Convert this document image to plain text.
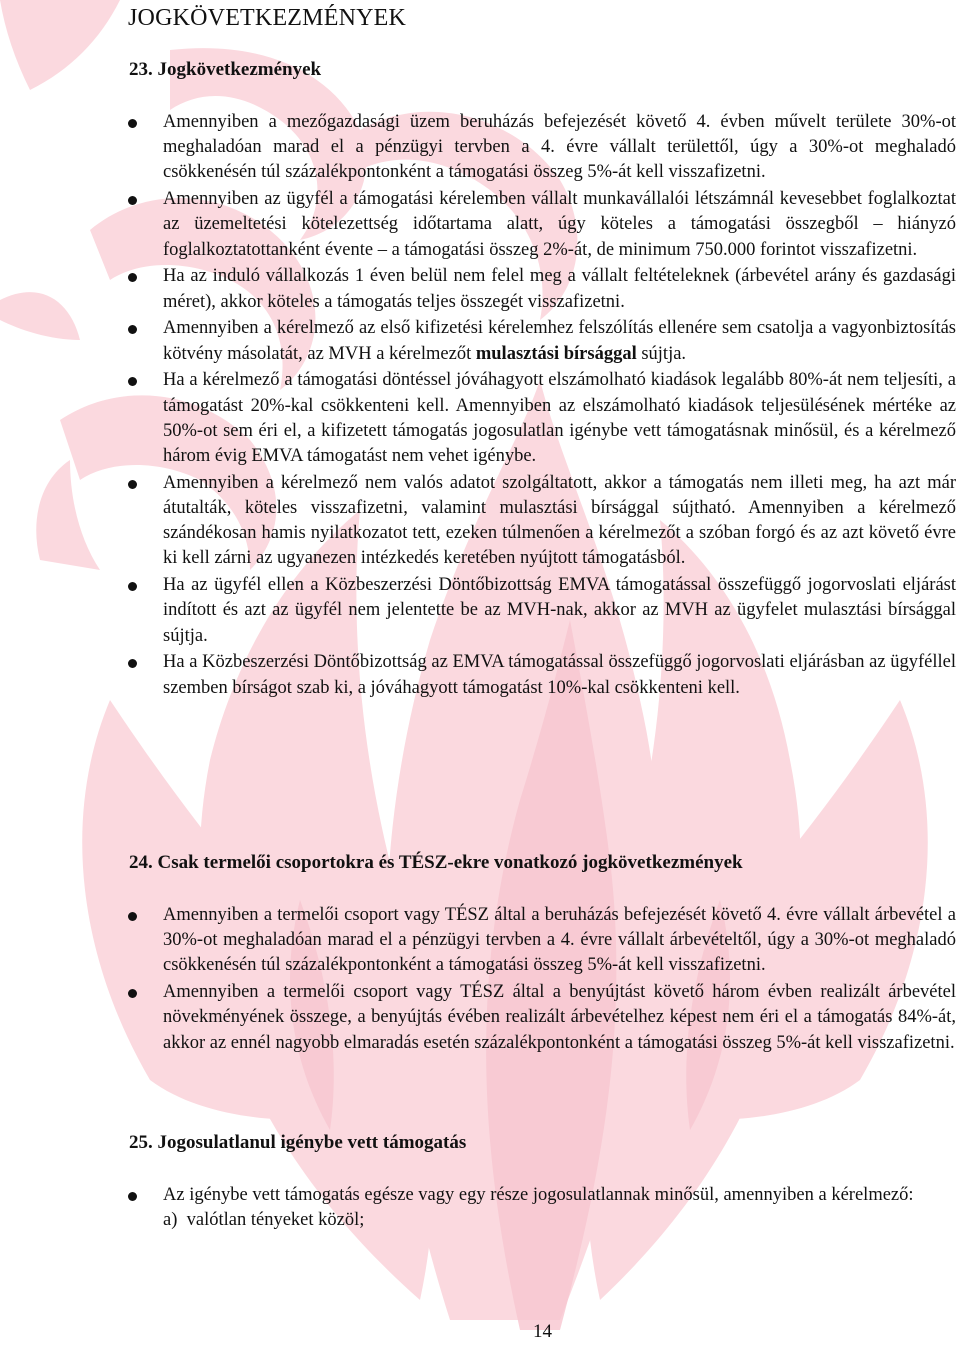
JOGKÖVETKEZMÉNYEK
23. Jogkövetkezmények
Amennyiben a mezőgazdasági üzem beruházás befejezését követő 4. évben művelt területe 30%-ot meghaladóan marad el a pénzügyi tervben a 4. évre vállalt területtől, úgy a 30%-ot meghaladó csökkenésén túl százalékpontonként a támogatási összeg 5%-át kell visszafizetni.
Amennyiben az ügyfél a támogatási kérelemben vállalt munkavállalói létszámnál kevesebbet foglalkoztat az üzemeltetési kötelezettség időtartama alatt, úgy köteles a támogatási összegből – hiányzó foglalkoztatottanként évente – a támogatási összeg 2%-át, de minimum 750.000 forintot visszafizetni.
Ha az induló vállalkozás 1 éven belül nem felel meg a vállalt feltételeknek (árbevétel arány és gazdasági méret), akkor köteles a támogatás teljes összegét visszafizetni.
Amennyiben a kérelmező az első kifizetési kérelemhez felszólítás ellenére sem csatolja a vagyonbiztosítás kötvény másolatát, az MVH a kérelmezőt mulasztási bírsággal sújtja.
Ha a kérelmező a támogatási döntéssel jóváhagyott elszámolható kiadások legalább 80%-át nem teljesíti, a támogatást 20%-kal csökkenteni kell. Amennyiben az elszámolható kiadások teljesülésének mértéke az 50%-ot sem éri el, a kifizetett támogatás jogosulatlan igénybe vett támogatásnak minősül, és a kérelmező három évig EMVA támogatást nem vehet igénybe.
Amennyiben a kérelmező nem valós adatot szolgáltatott, akkor a támogatás nem illeti meg, ha azt már átutalták, köteles visszafizetni, valamint mulasztási bírsággal sújtható. Amennyiben a kérelmező szándékosan hamis nyilatkozatot tett, ezeken túlmenően a kérelmezőt a szóban forgó és az azt követő évre ki kell zárni az ugyanezen intézkedés keretében nyújtott támogatásból.
Ha az ügyfél ellen a Közbeszerzési Döntőbizottság EMVA támogatással összefüggő jogorvoslati eljárást indított és azt az ügyfél nem jelentette be az MVH-nak, akkor az MVH az ügyfelet mulasztási bírsággal sújtja.
Ha a Közbeszerzési Döntőbizottság az EMVA támogatással összefüggő jogorvoslati eljárásban az ügyféllel szemben bírságot szab ki, a jóváhagyott támogatást 10%-kal csökkenteni kell.
24. Csak termelői csoportokra és TÉSZ-ekre vonatkozó jogkövetkezmények
Amennyiben a termelői csoport vagy TÉSZ által a beruházás befejezését követő 4. évre vállalt árbevétel a 30%-ot meghaladóan marad el a pénzügyi tervben a 4. évre vállalt árbevételtől, úgy a 30%-ot meghaladó csökkenésén túl százalékpontonként a támogatási összeg 5%-át kell visszafizetni.
Amennyiben a termelői csoport vagy TÉSZ által a benyújtást követő három évben realizált árbevétel növekményének összege, a benyújtás évében realizált árbevételhez képest nem éri el a támogatás 84%-át, akkor az ennél nagyobb elmaradás esetén százalékpontonként a támogatási összeg 5%-át kell visszafizetni.
25. Jogosulatlanul igénybe vett támogatás
Az igénybe vett támogatás egésze vagy egy része jogosulatlannak minősül, amennyiben a kérelmező:
a)  valótlan tényeket közöl;
14
